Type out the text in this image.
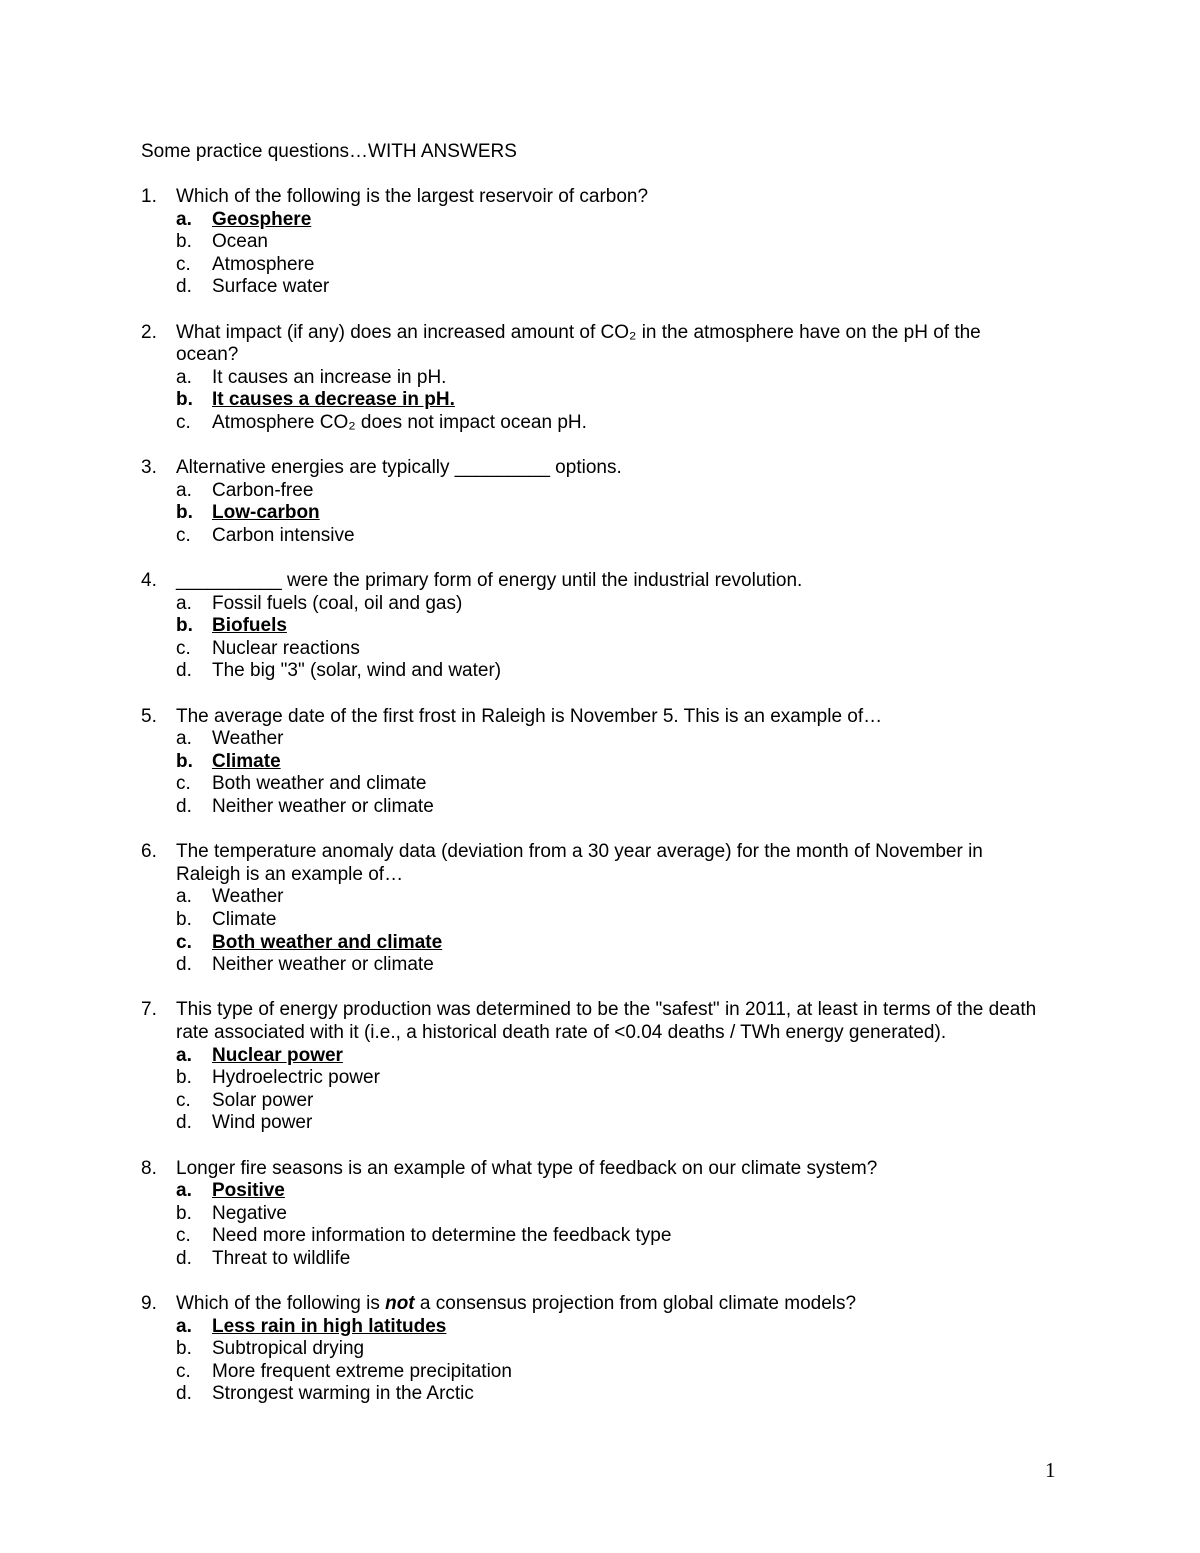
Some practice questions…WITH ANSWERS
1.	Which of the following is the largest reservoir of carbon?
a. Geosphere
b. Ocean
c. Atmosphere
d. Surface water
2.	What impact (if any) does an increased amount of CO₂ in the atmosphere have on the pH of the ocean?
a. It causes an increase in pH.
b. It causes a decrease in pH.
c. Atmosphere CO₂ does not impact ocean pH.
3.	Alternative energies are typically _________ options.
a. Carbon-free
b. Low-carbon
c. Carbon intensive
4.	__________ were the primary form of energy until the industrial revolution.
a. Fossil fuels (coal, oil and gas)
b. Biofuels
c. Nuclear reactions
d. The big "3" (solar, wind and water)
5.	The average date of the first frost in Raleigh is November 5. This is an example of…
a. Weather
b. Climate
c. Both weather and climate
d. Neither weather or climate
6.	The temperature anomaly data (deviation from a 30 year average) for the month of November in Raleigh is an example of…
a. Weather
b. Climate
c. Both weather and climate
d. Neither weather or climate
7.	This type of energy production was determined to be the "safest" in 2011, at least in terms of the death rate associated with it (i.e., a historical death rate of <0.04 deaths / TWh energy generated).
a. Nuclear power
b. Hydroelectric power
c. Solar power
d. Wind power
8.	Longer fire seasons is an example of what type of feedback on our climate system?
a. Positive
b. Negative
c. Need more information to determine the feedback type
d. Threat to wildlife
9.	Which of the following is not a consensus projection from global climate models?
a. Less rain in high latitudes
b. Subtropical drying
c. More frequent extreme precipitation
d. Strongest warming in the Arctic
1
